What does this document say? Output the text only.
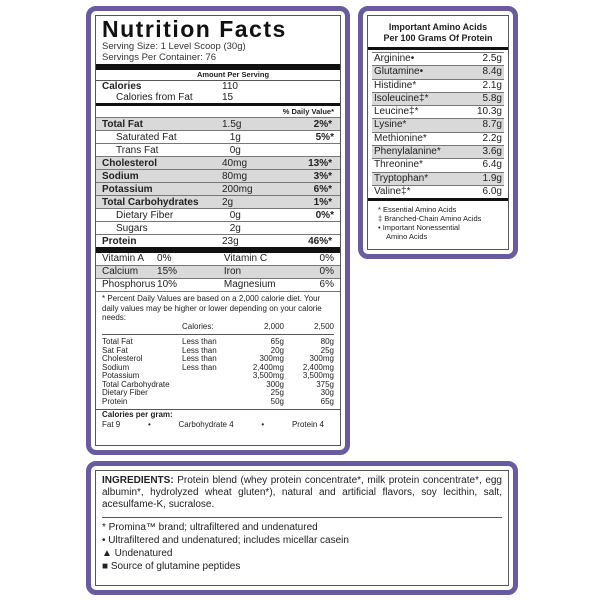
Nutrition Facts
Serving Size: 1 Level Scoop (30g)
Servings Per Container: 76
Amount Per Serving
Calories	110
Calories from Fat	15
% Daily Value*
Total Fat	1.5g	2%*
Saturated Fat	1g	5%*
Trans Fat	0g
Cholesterol	40mg	13%*
Sodium	80mg	3%*
Potassium	200mg	6%*
Total Carbohydrates	2g	1%*
Dietary Fiber	0g	0%*
Sugars	2g
Protein	23g	46%*
Vitamin A	0%	Vitamin C	0%
Calcium	15%	Iron	0%
Phosphorus 10%	Magnesium	6%
* Percent Daily Values are based on a 2,000 calorie diet. Your daily values may be higher or lower depending on your calorie needs:
	Calories:	2,000	2,500

Total Fat	Less than	65g	80g
Sat Fat	Less than	20g	25g
Cholesterol	Less than	300mg	300mg
Sodium	Less than	2,400mg	2,400mg
Potassium		3,500mg	3,500mg
Total Carbohydrate		300g	375g
Dietary Fiber		25g	30g
Protein		50g	65g
Calories per gram:
Fat 9	•	Carbohydrate 4	•	Protein 4
Important Amino Acids
Per 100 Grams Of Protein
Arginine•	2.5g
Glutamine•	8.4g
Histidine*	2.1g
Isoleucine‡*	5.8g
Leucine‡*	10.3g
Lysine*	8.7g
Methionine*	2.2g
Phenylalanine*	3.6g
Threonine*	6.4g
Tryptophan*	1.9g
Valine‡*	6.0g
* Essential Amino Acids
‡ Branched-Chain Amino Acids
• Important Nonessential
Amino Acids
INGREDIENTS: Protein blend (whey protein concentrate*, milk protein concentrate*, egg albumin*, hydrolyzed wheat gluten*), natural and artificial flavors, soy lecithin, salt, acesulfame-K, sucralose.
* Promina™ brand; ultrafiltered and undenatured
• Ultrafiltered and undenatured; includes micellar casein
▲ Undenatured
■ Source of glutamine peptides
